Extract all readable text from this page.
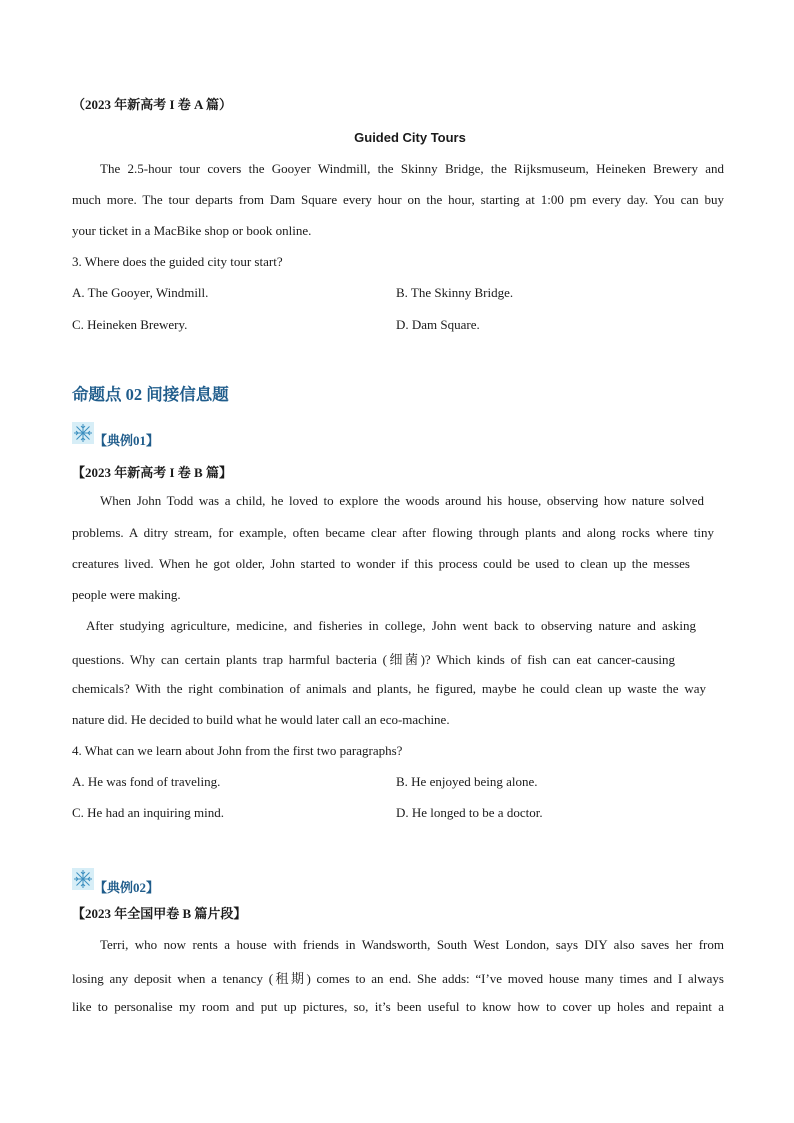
（2023 年新高考 I 卷 A 篇）
Guided City Tours
The 2.5-hour tour covers the Gooyer Windmill, the Skinny Bridge, the Rijksmuseum, Heineken Brewery and
much more. The tour departs from Dam Square every hour on the hour, starting at 1:00 pm every day. You can buy
your ticket in a MacBike shop or book online.
3. Where does the guided city tour start?
A. The Gooyer, Windmill.	B. The Skinny Bridge.
C. Heineken Brewery.	D. Dam Square.
命题点 02 间接信息题
【典例01】
【2023 年新高考 I 卷 B 篇】
When John Todd was a child, he loved to explore the woods around his house, observing how nature solved
problems. A ditry stream, for example, often became clear after flowing through plants and along rocks where tiny
creatures lived. When he got older, John started to wonder if this process could be used to clean up the messes
people were making.
After studying agriculture, medicine, and fisheries in college, John went back to observing nature and asking
questions. Why can certain plants trap harmful bacteria (细菌)? Which kinds of fish can eat cancer-causing
chemicals? With the right combination of animals and plants, he figured, maybe he could clean up waste the way
nature did. He decided to build what he would later call an eco-machine.
4. What can we learn about John from the first two paragraphs?
A. He was fond of traveling.	B. He enjoyed being alone.
C. He had an inquiring mind.	D. He longed to be a doctor.
【典例02】
【2023 年全国甲卷 B 篇片段】
Terri, who now rents a house with friends in Wandsworth, South West London, says DIY also saves her from
losing any deposit when a tenancy (租期) comes to an end. She adds: “I’ve moved house many times and I always
like to personalise my room and put up pictures, so, it’s been useful to know how to cover up holes and repaint a
